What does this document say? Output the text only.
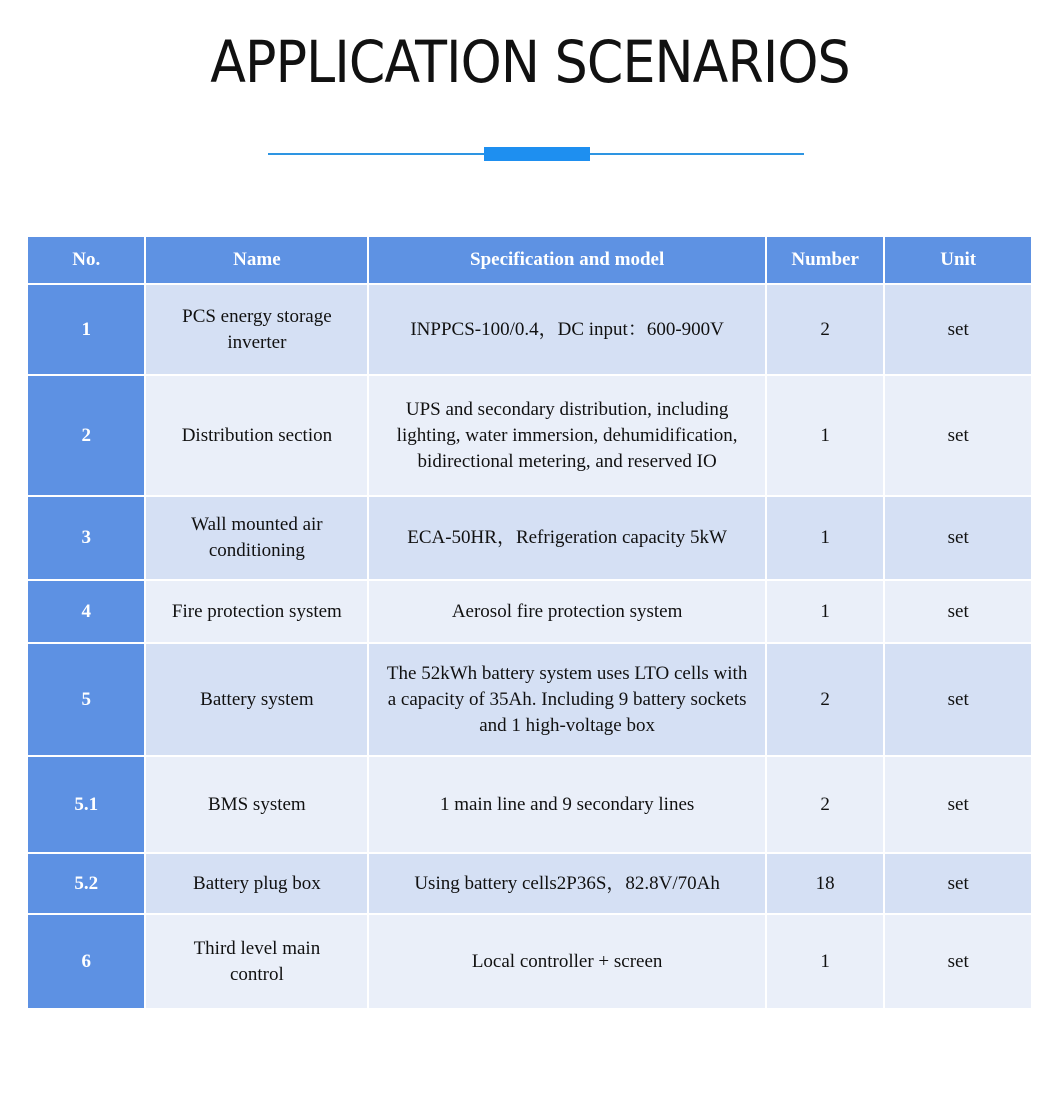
APPLICATION SCENARIOS
No.	Name	Specification and model	Number	Unit
1	PCS energy storage inverter	INPPCS-100/0.4，DC input：600-900V	2	set
2	Distribution section	UPS and secondary distribution, including lighting, water immersion, dehumidification, bidirectional metering, and reserved IO	1	set
3	Wall mounted air conditioning	ECA-50HR，Refrigeration capacity 5kW	1	set
4	Fire protection system	Aerosol fire protection system	1	set
5	Battery system	The 52kWh battery system uses LTO cells with a capacity of 35Ah. Including 9 battery sockets and 1 high-voltage box	2	set
5.1	BMS system	1 main line and 9 secondary lines	2	set
5.2	Battery plug box	Using battery cells2P36S，82.8V/70Ah	18	set
6	Third level main control	Local controller + screen	1	set
